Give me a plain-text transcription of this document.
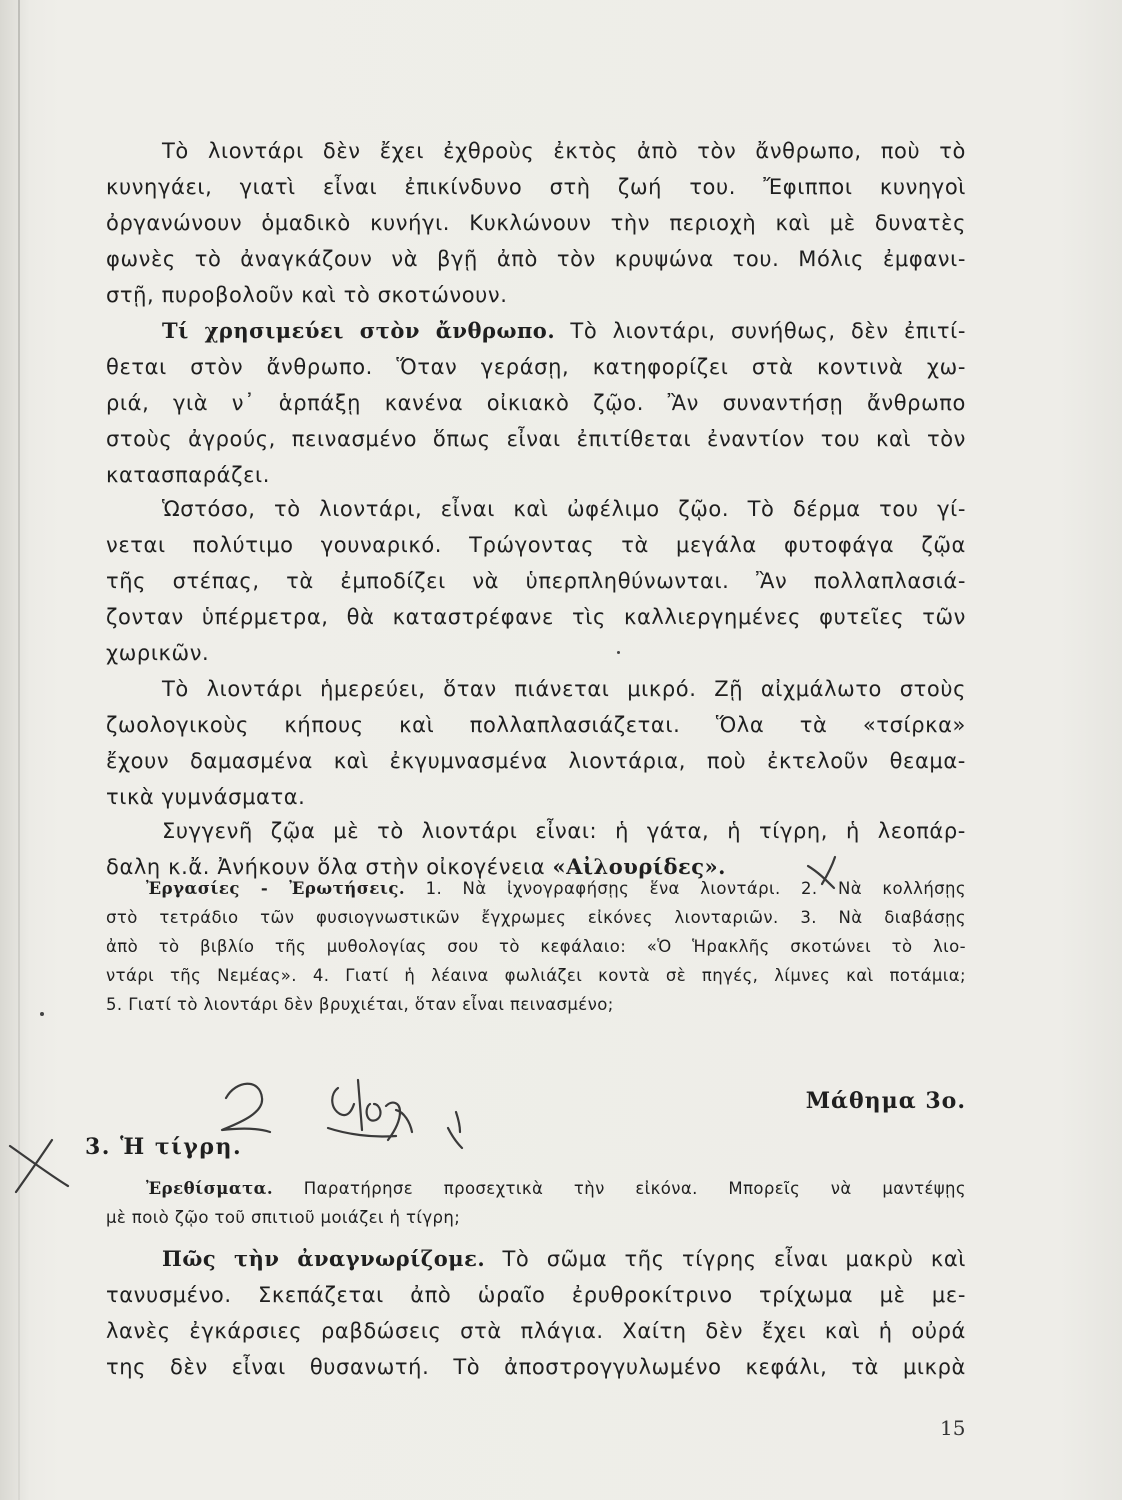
Τὸ λιοντάρι δὲν ἔχει ἐχθροὺς ἐκτὸς ἀπὸ τὸν ἄνθρωπο, ποὺ τὸ
κυνηγάει, γιατὶ εἶναι ἐπικίνδυνο στὴ ζωή του. Ἔφιπποι κυνηγοὶ
ὀργανώνουν ὁμαδικὸ κυνήγι. Κυκλώνουν τὴν περιοχὴ καὶ μὲ δυνατὲς
φωνὲς τὸ ἀναγκάζουν νὰ βγῇ ἀπὸ τὸν κρυψώνα του. Μόλις ἐμφανι-
στῇ, πυροβολοῦν καὶ τὸ σκοτώνουν.
Τί χρησιμεύει στὸν ἄνθρωπο. Τὸ λιοντάρι, συνήθως, δὲν ἐπιτί-
θεται στὸν ἄνθρωπο. Ὅταν γεράσῃ, κατηφορίζει στὰ κοντινὰ χω-
ριά, γιὰ ν᾿ ἁρπάξῃ κανένα οἰκιακὸ ζῷο. Ἂν συναντήσῃ ἄνθρωπο
στοὺς ἀγρούς, πεινασμένο ὅπως εἶναι ἐπιτίθεται ἐναντίον του καὶ τὸν
κατασπαράζει.
Ὡστόσο, τὸ λιοντάρι, εἶναι καὶ ὠφέλιμο ζῷο. Τὸ δέρμα του γί-
νεται πολύτιμο γουναρικό. Τρώγοντας τὰ μεγάλα φυτοφάγα ζῷα
τῆς στέπας, τὰ ἐμποδίζει νὰ ὑπερπληθύνωνται. Ἂν πολλαπλασιά-
ζονταν ὑπέρμετρα, θὰ καταστρέφανε τὶς καλλιεργημένες φυτεῖες τῶν
χωρικῶν.
Τὸ λιοντάρι ἡμερεύει, ὅταν πιάνεται μικρό. Ζῇ αἰχμάλωτο στοὺς
ζωολογικοὺς κήπους καὶ πολλαπλασιάζεται. Ὅλα τὰ «τσίρκα»
ἔχουν δαμασμένα καὶ ἐκγυμνασμένα λιοντάρια, ποὺ ἐκτελοῦν θεαμα-
τικὰ γυμνάσματα.
Συγγενῆ ζῷα μὲ τὸ λιοντάρι εἶναι: ἡ γάτα, ἡ τίγρη, ἡ λεοπάρ-
δαλη κ.ἄ. Ἀνήκουν ὅλα στὴν οἰκογένεια «Αἰλουρίδες».
Ἐργασίες - Ἐρωτήσεις. 1. Νὰ ἰχνογραφήσῃς ἕνα λιοντάρι. 2. Νὰ κολλήσῃς
στὸ τετράδιο τῶν φυσιογνωστικῶν ἔγχρωμες εἰκόνες λιονταριῶν. 3. Νὰ διαβάσῃς
ἀπὸ τὸ βιβλίο τῆς μυθολογίας σου τὸ κεφάλαιο: «Ὁ Ἡρακλῆς σκοτώνει τὸ λιο-
ντάρι τῆς Νεμέας». 4. Γιατί ἡ λέαινα φωλιάζει κοντὰ σὲ πηγές, λίμνες καὶ ποτάμια;
5. Γιατί τὸ λιοντάρι δὲν βρυχιέται, ὅταν εἶναι πεινασμένο;
Ἐρεθίσματα. Παρατήρησε προσεχτικὰ τὴν εἰκόνα. Μπορεῖς νὰ μαντέψῃς
μὲ ποιὸ ζῷο τοῦ σπιτιοῦ μοιάζει ἡ τίγρη;
Πῶς τὴν ἀναγνωρίζομε. Τὸ σῶμα τῆς τίγρης εἶναι μακρὺ καὶ
τανυσμένο. Σκεπάζεται ἀπὸ ὡραῖο ἐρυθροκίτρινο τρίχωμα μὲ με-
λανὲς ἐγκάρσιες ραβδώσεις στὰ πλάγια. Χαίτη δὲν ἔχει καὶ ἡ οὐρά
της δὲν εἶναι θυσανωτή. Τὸ ἀποστρογγυλωμένο κεφάλι, τὰ μικρὰ
Μάθημα 3ο.
3. Ἡ τίγρη.
15
